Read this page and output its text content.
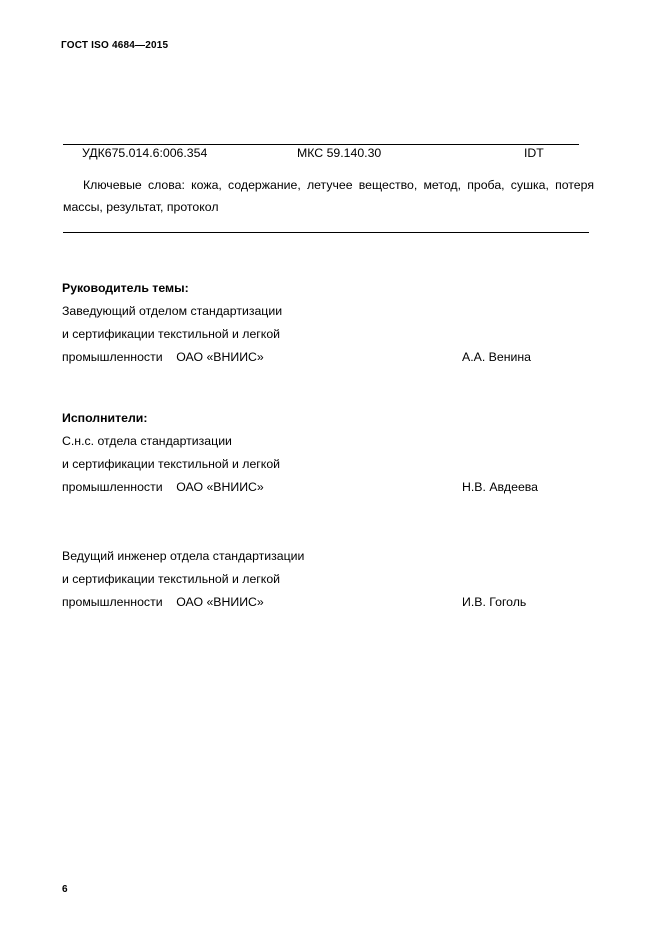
ГОСТ ISO 4684—2015
УДК675.014.6:006.354	МКС 59.140.30	IDT
Ключевые слова: кожа, содержание, летучее вещество, метод, проба, сушка, потеря массы, результат, протокол
Руководитель темы:
Заведующий отделом стандартизации
и сертификации текстильной и легкой
промышленности    ОАО «ВНИИС»	А.А. Венина
Исполнители:
С.н.с. отдела стандартизации
и сертификации текстильной и легкой
промышленности    ОАО «ВНИИС»	Н.В. Авдеева
Ведущий инженер отдела стандартизации
и сертификации текстильной и легкой
промышленности    ОАО «ВНИИС»	И.В. Гоголь
6
